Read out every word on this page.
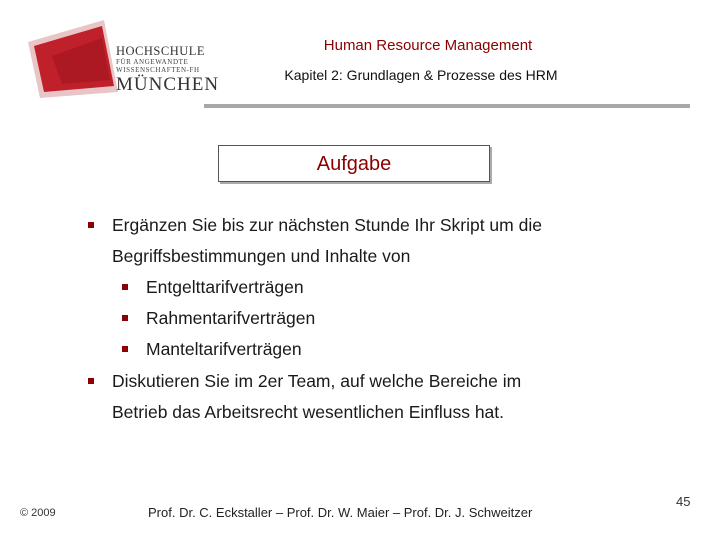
HOCHSCHULE
FÜR ANGEWANDTE
WISSENSCHAFTEN-FH
MÜNCHEN
Human Resource Management
Kapitel 2: Grundlagen & Prozesse des HRM
Aufgabe
Ergänzen Sie bis zur nächsten Stunde Ihr Skript um die
Begriffsbestimmungen und Inhalte von
Entgelttarifverträgen
Rahmentarifverträgen
Manteltarifverträgen
Diskutieren Sie im 2er Team, auf welche Bereiche im
Betrieb das Arbeitsrecht wesentlichen Einfluss hat.
© 2009	Prof. Dr. C. Eckstaller – Prof. Dr. W. Maier – Prof. Dr. J. Schweitzer
45
